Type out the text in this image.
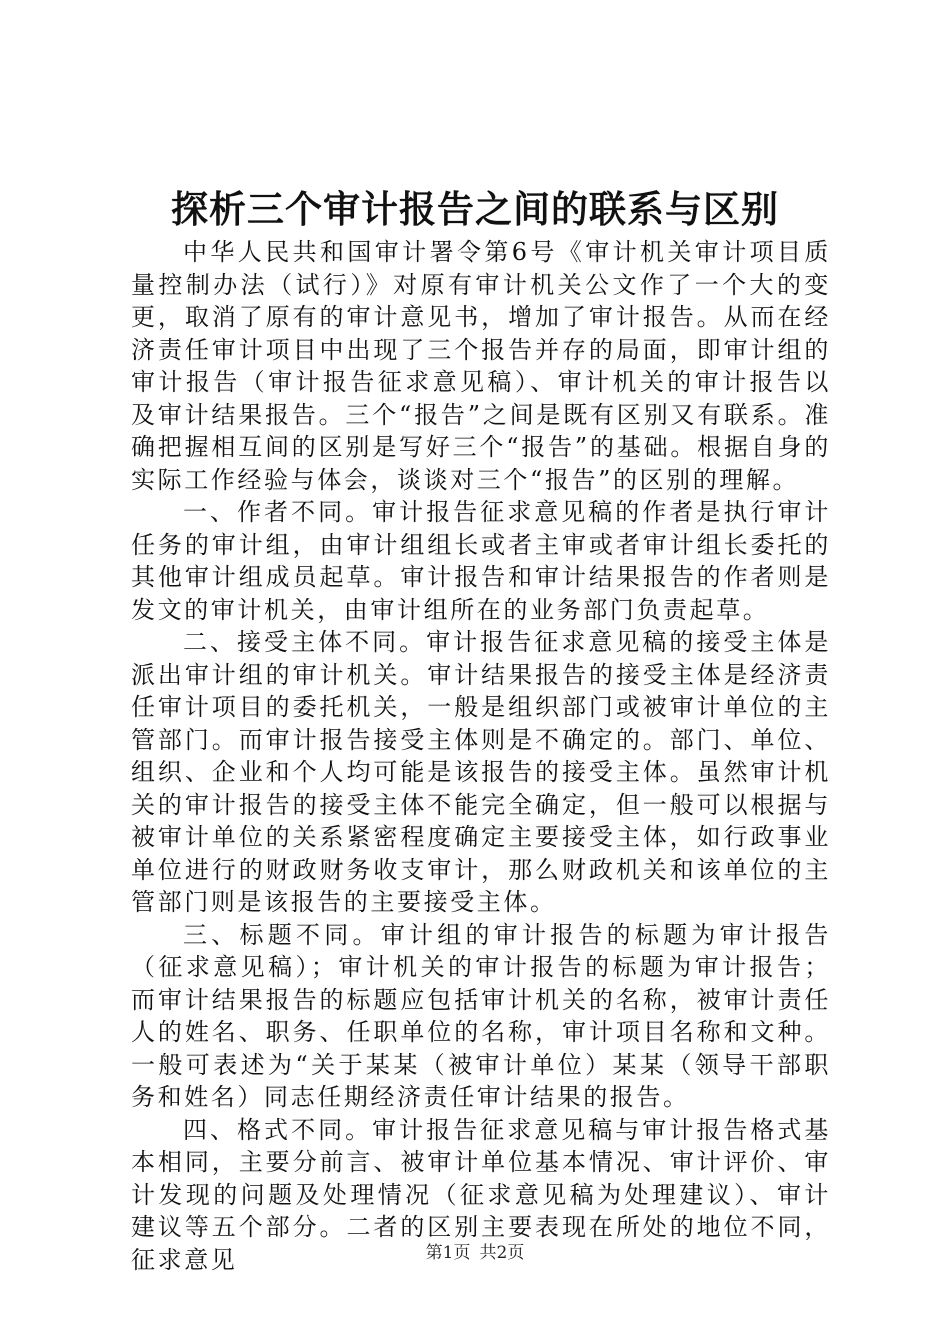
探析三个审计报告之间的联系与区别

中华人民共和国审计署令第6号《审计机关审计项目质量控制办法（试行）》对原有审计机关公文作了一个大的变更，取消了原有的审计意见书，增加了审计报告。从而在经济责任审计项目中出现了三个报告并存的局面，即审计组的审计报告（审计报告征求意见稿）、审计机关的审计报告以及审计结果报告。三个“报告”之间是既有区别又有联系。准确把握相互间的区别是写好三个“报告”的基础。根据自身的实际工作经验与体会，谈谈对三个“报告”的区别的理解。

一、作者不同。审计报告征求意见稿的作者是执行审计任务的审计组，由审计组组长或者主审或者审计组长委托的其他审计组成员起草。审计报告和审计结果报告的作者则是发文的审计机关，由审计组所在的业务部门负责起草。

二、接受主体不同。审计报告征求意见稿的接受主体是派出审计组的审计机关。审计结果报告的接受主体是经济责任审计项目的委托机关，一般是组织部门或被审计单位的主管部门。而审计报告接受主体则是不确定的。部门、单位、组织、企业和个人均可能是该报告的接受主体。虽然审计机关的审计报告的接受主体不能完全确定，但一般可以根据与被审计单位的关系紧密程度确定主要接受主体，如行政事业单位进行的财政财务收支审计，那么财政机关和该单位的主管部门则是该报告的主要接受主体。

三、标题不同。审计组的审计报告的标题为审计报告（征求意见稿）；审计机关的审计报告的标题为审计报告；而审计结果报告的标题应包括审计机关的名称，被审计责任人的姓名、职务、任职单位的名称，审计项目名称和文种。一般可表述为“关于某某（被审计单位）某某（领导干部职务和姓名）同志任期经济责任审计结果的报告。

四、格式不同。审计报告征求意见稿与审计报告格式基本相同，主要分前言、被审计单位基本情况、审计评价、审计发现的问题及处理情况（征求意见稿为处理建议）、审计建议等五个部分。二者的区别主要表现在所处的地位不同，征求意见	第1页 共2页
